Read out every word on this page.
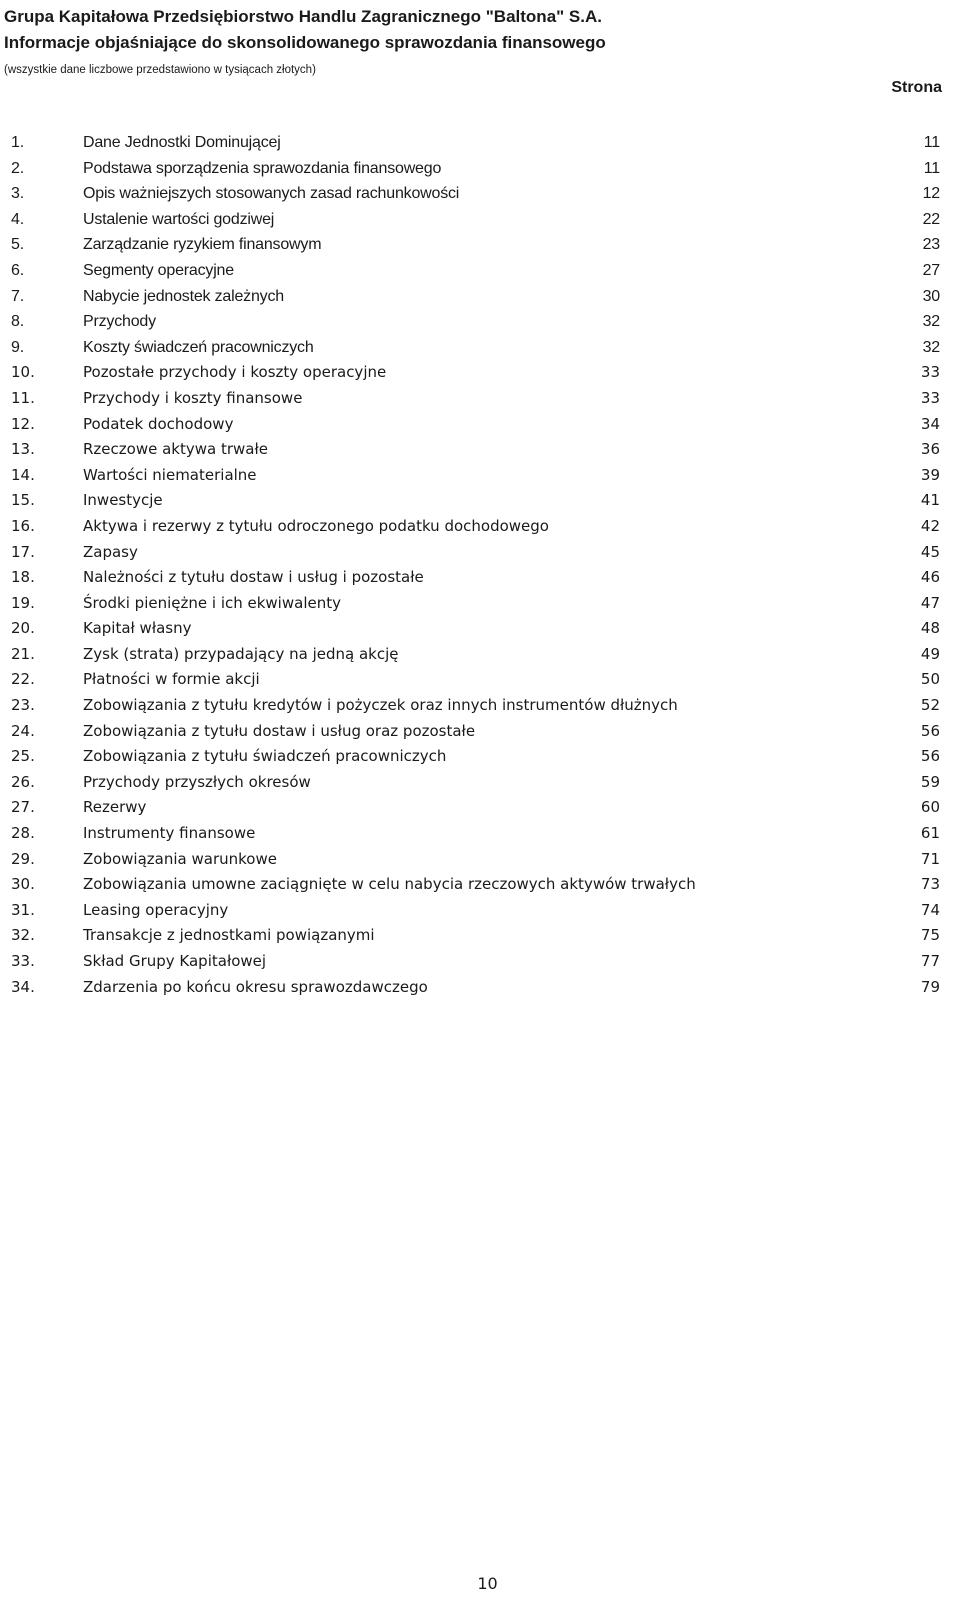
Grupa Kapitałowa Przedsiębiorstwo Handlu Zagranicznego "Baltona" S.A.
Informacje objaśniające do skonsolidowanego sprawozdania finansowego
(wszystkie dane liczbowe przedstawiono w tysiącach złotych)
Strona
1.	Dane Jednostki Dominującej	11
2.	Podstawa sporządzenia sprawozdania finansowego	11
3.	Opis ważniejszych stosowanych zasad rachunkowości	12
4.	Ustalenie wartości godziwej	22
5.	Zarządzanie ryzykiem finansowym	23
6.	Segmenty operacyjne	27
7.	Nabycie jednostek zależnych	30
8.	Przychody	32
9.	Koszty świadczeń pracowniczych	32
10.	Pozostałe przychody i koszty operacyjne	33
11.	Przychody i koszty finansowe	33
12.	Podatek dochodowy	34
13.	Rzeczowe aktywa trwałe	36
14.	Wartości niematerialne	39
15.	Inwestycje	41
16.	Aktywa i rezerwy z tytułu odroczonego podatku dochodowego	42
17.	Zapasy	45
18.	Należności z tytułu dostaw i usług i pozostałe	46
19.	Środki pieniężne i ich ekwiwalenty	47
20.	Kapitał własny	48
21.	Zysk (strata) przypadający na jedną akcję	49
22.	Płatności w formie akcji	50
23.	Zobowiązania z tytułu kredytów i pożyczek oraz innych instrumentów dłużnych	52
24.	Zobowiązania z tytułu dostaw i usług oraz pozostałe	56
25.	Zobowiązania z tytułu świadczeń pracowniczych	56
26.	Przychody przyszłych okresów	59
27.	Rezerwy	60
28.	Instrumenty finansowe	61
29.	Zobowiązania warunkowe	71
30.	Zobowiązania umowne zaciągnięte w celu nabycia rzeczowych aktywów trwałych	73
31.	Leasing operacyjny	74
32.	Transakcje z jednostkami powiązanymi	75
33.	Skład Grupy Kapitałowej	77
34.	Zdarzenia po końcu okresu sprawozdawczego	79
10
